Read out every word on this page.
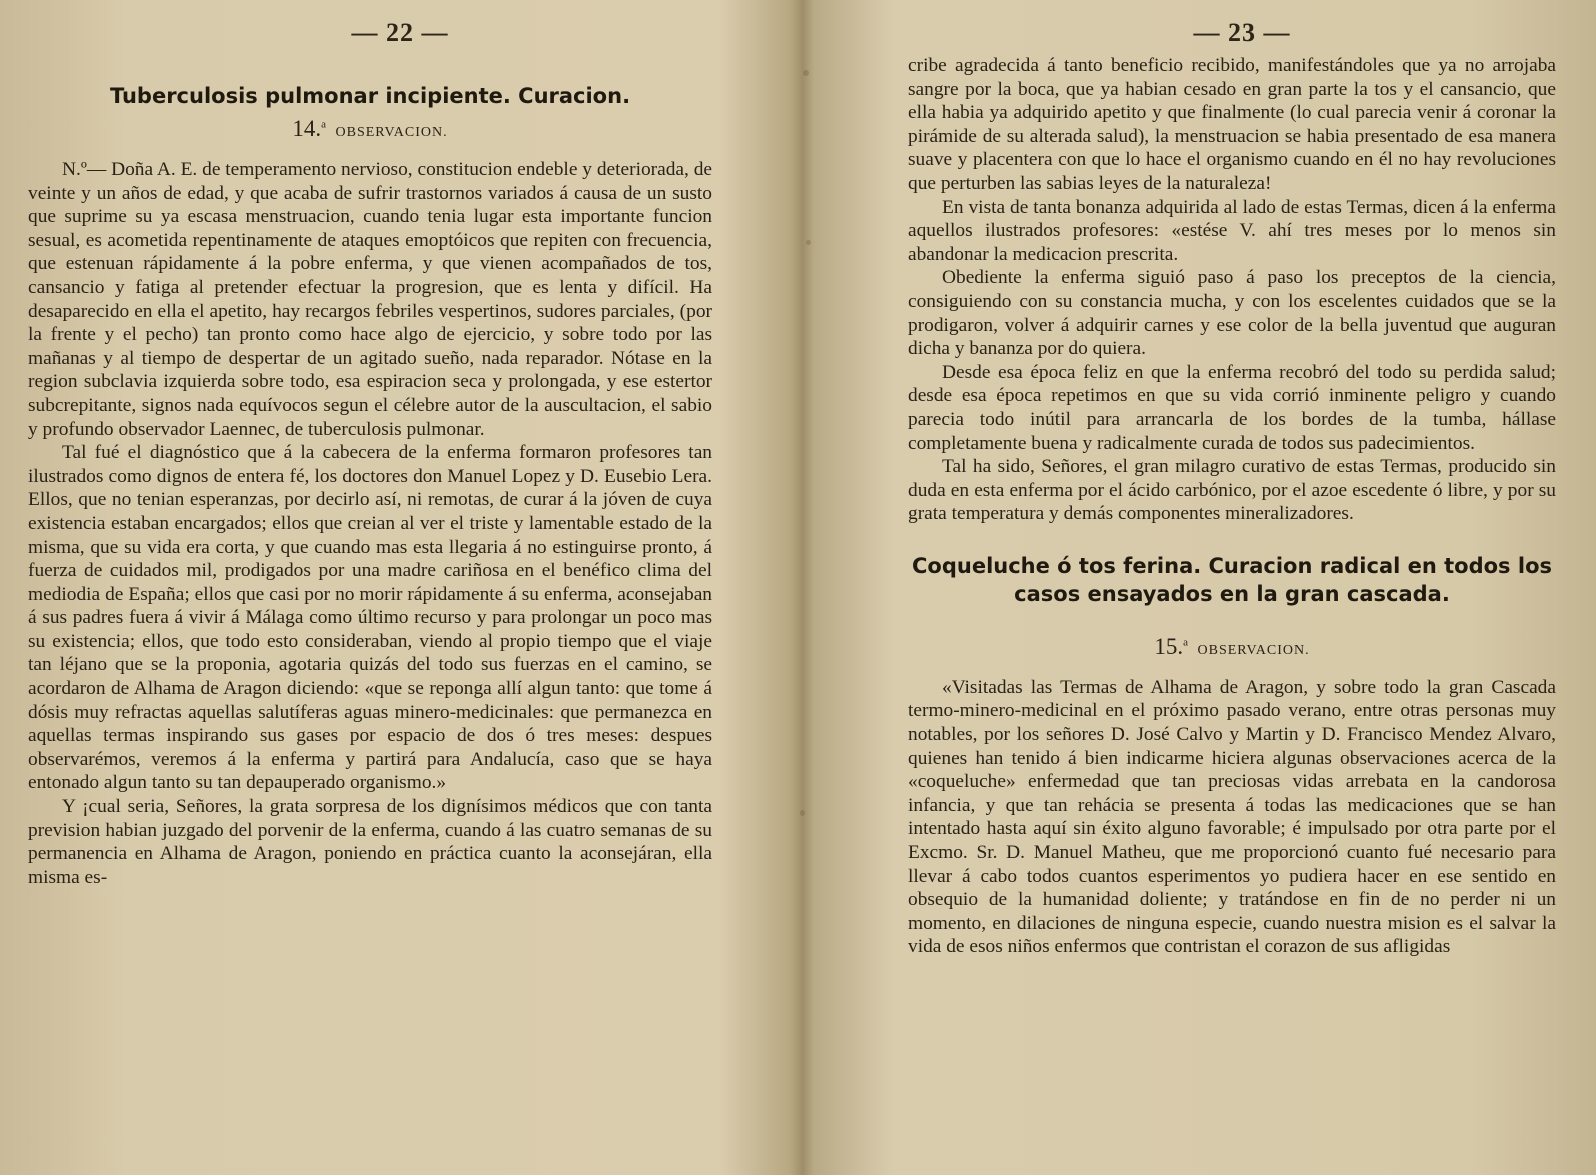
— 22 —
Tuberculosis pulmonar incipiente. Curacion.
14.$^a$ OBSERVACION.

N.º— Doña A. E. de temperamento nervioso, constitucion endeble y deteriorada, de veinte y un años de edad, y que acaba de sufrir trastornos variados á causa de un susto que suprime su ya escasa menstruacion, cuando tenia lugar esta importante funcion sesual, es acometida repentinamente de ataques emoptóicos que repiten con frecuencia, que estenuan rápidamente á la pobre enferma, y que vienen acompañados de tos, cansancio y fatiga al pretender efectuar la progresion, que es lenta y difícil. Ha desaparecido en ella el apetito, hay recargos febriles vespertinos, sudores parciales, (por la frente y el pecho) tan pronto como hace algo de ejercicio, y sobre todo por las mañanas y al tiempo de despertar de un agitado sueño, nada reparador. Nótase en la region subclavia izquierda sobre todo, esa espiracion seca y prolongada, y ese estertor subcrepitante, signos nada equívocos segun el célebre autor de la auscultacion, el sabio y profundo observador Laennec, de tuberculosis pulmonar.

Tal fué el diagnóstico que á la cabecera de la enferma formaron profesores tan ilustrados como dignos de entera fé, los doctores don Manuel Lopez y D. Eusebio Lera. Ellos, que no tenian esperanzas, por decirlo así, ni remotas, de curar á la jóven de cuya existencia estaban encargados; ellos que creian al ver el triste y lamentable estado de la misma, que su vida era corta, y que cuando mas esta llegaria á no estinguirse pronto, á fuerza de cuidados mil, prodigados por una madre cariñosa en el benéfico clima del mediodia de España; ellos que casi por no morir rápidamente á su enferma, aconsejaban á sus padres fuera á vivir á Málaga como último recurso y para prolongar un poco mas su existencia; ellos, que todo esto consideraban, viendo al propio tiempo que el viaje tan léjano que se la proponia, agotaria quizás del todo sus fuerzas en el camino, se acordaron de Alhama de Aragon diciendo: «que se reponga allí algun tanto: que tome á dósis muy refractas aquellas salutíferas aguas minero-medicinales: que permanezca en aquellas termas inspirando sus gases por espacio de dos ó tres meses: despues observarémos, veremos á la enferma y partirá para Andalucía, caso que se haya entonado algun tanto su tan depauperado organismo.»

Y ¡cual seria, Señores, la grata sorpresa de los dignísimos médicos que con tanta prevision habian juzgado del porvenir de la enferma, cuando á las cuatro semanas de su permanencia en Alhama de Aragon, poniendo en práctica cuanto la aconsejáran, ella misma es-

— 23 —

cribe agradecida á tanto beneficio recibido, manifestándoles que ya no arrojaba sangre por la boca, que ya habian cesado en gran parte la tos y el cansancio, que ella habia ya adquirido apetito y que finalmente (lo cual parecia venir á coronar la pirámide de su alterada salud), la menstruacion se habia presentado de esa manera suave y placentera con que lo hace el organismo cuando en él no hay revoluciones que perturben las sabias leyes de la naturaleza!

En vista de tanta bonanza adquirida al lado de estas Termas, dicen á la enferma aquellos ilustrados profesores: «estése V. ahí tres meses por lo menos sin abandonar la medicacion prescrita.

Obediente la enferma siguió paso á paso los preceptos de la ciencia, consiguiendo con su constancia mucha, y con los escelentes cuidados que se la prodigaron, volver á adquirir carnes y ese color de la bella juventud que auguran dicha y bananza por do quiera.

Desde esa época feliz en que la enferma recobró del todo su perdida salud; desde esa época repetimos en que su vida corrió inminente peligro y cuando parecia todo inútil para arrancarla de los bordes de la tumba, hállase completamente buena y radicalmente curada de todos sus padecimientos.

Tal ha sido, Señores, el gran milagro curativo de estas Termas, producido sin duda en esta enferma por el ácido carbónico, por el azoe escedente ó libre, y por su grata temperatura y demás componentes mineralizadores.

Coqueluche ó tos ferina. Curacion radical en todos los casos ensayados en la gran cascada.
15.$^a$ OBSERVACION.

«Visitadas las Termas de Alhama de Aragon, y sobre todo la gran Cascada termo-minero-medicinal en el próximo pasado verano, entre otras personas muy notables, por los señores D. José Calvo y Martin y D. Francisco Mendez Alvaro, quienes han tenido á bien indicarme hiciera algunas observaciones acerca de la «coqueluche» enfermedad que tan preciosas vidas arrebata en la candorosa infancia, y que tan rehácia se presenta á todas las medicaciones que se han intentado hasta aquí sin éxito alguno favorable; é impulsado por otra parte por el Excmo. Sr. D. Manuel Matheu, que me proporcionó cuanto fué necesario para llevar á cabo todos cuantos esperimentos yo pudiera hacer en ese sentido en obsequio de la humanidad doliente; y tratándose en fin de no perder ni un momento, en dilaciones de ninguna especie, cuando nuestra mision es el salvar la vida de esos niños enfermos que contristan el corazon de sus afligidas
